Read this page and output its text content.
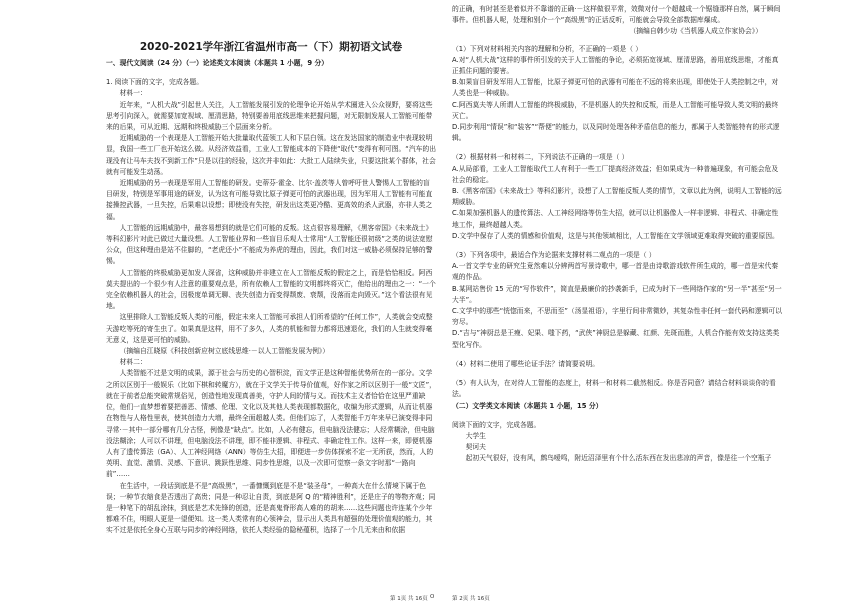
2020-2021学年浙江省温州市高一（下）期初语文试卷
一、现代文阅读（24 分）（一）论述类文本阅读（本题共 1 小题，9 分）

1. 阅读下面的文字，完成各题。

材料一：

近年来，“人机大战”引起世人关注，人工智能发展引发的伦理争论开始从学术圈进入公众视野，要将这些思考引向深入，就需要加宽视域、厘清思路，特别要善用底线思维来把握问题，对无限制发展人工智能可能带来的后果，可从近期、远期和终极威胁三个层面来分析。

近期威胁的一个表现是人工智能开始大批量取代蓝领工人和下层白领。这在发达国家的制造业中表现较明显，我国一些工厂也开始这么做。从经济效益看，工业人工智能成本的下降使“取代”变得有利可图。“汽车的出现没有让马车夫找不到新工作”只是以往的经验，这次并非如此：大批工人陆续失业，只要这批某个群体，社会就有可能发生动荡。

近期威胁的另一表现是军用人工智能的研发。史蒂芬·霍金、比尔·盖茨等人曾呼吁世人警惕人工智能的盲目研发，特别是军事用途的研发，认为这有可能导致比原子弹更可怕的武器出现，因为军用人工智能有可能直接操控武器，一旦失控，后果难以设想；即使没有失控，研发出这类更冷酷、更高效的杀人武器，亦非人类之福。

人工智能的远期威胁中，最容易想到的就是它们可能的反叛。这点很容易理解，《黑客帝国》《未来战士》等科幻影片对此已做过大量设想。人工智能业界和一些盲目乐观人士常用“人工智能还很初级”之类的说法宽慰公众，但这种理由是站不住脚的，“老虎还小”不能成为养虎的理由，因此，我们对这一威胁必须保持足够的警惕。

人工智能的终极威胁更加发人深省，这种威胁并非建立在人工智能反叛的假定之上，而是恰恰相反。阿西莫夫提出的一个很少有人注意的重要观点是，所有依赖人工智能的文明都终将灭亡，他给出的理由之一：“一个完全依赖机器人的社会，因极度单调无聊、丧失创造力而变得颓废、衰颓，没落而走向毁灭。”这个看法很有见地。

这里排除人工智能反叛人类的可能，假定未来人工智能可承担人们所希望的“任何工作”，人类就会变成整天游吃等死的寄生虫了。如果真是这样，用不了多久，人类的机能和智力都将迅速退化，我们的人生就变得毫无意义，这是更可怕的威胁。

（摘编自江晓原《科技创新应树立底线思维·－以人工智能发展为例》）

材料二：

人类智能不过是文明的成果，源于社会与历史的心智积淀，而文学正是这种智能优势所在的一部分。文学之所以区别于一般娱乐（比如下棋和转魔方），就在于文学关于传导价值观，好作家之所以区别于一般“文匠”，就在于前者总能突破常规俗见，创造性地发现真善美，守护人间的情与义。而技术主义者恰恰在这里严重缺位，他们一直梦想着要把善恶、情感、伦理、文化以及其他人类表现都数据化，收编为形式逻辑，从而让机器在物性与人格性里表，使其创造力大增，最终全面超越人类。但他们忘了，人类智能千万年来早已演变得非同寻常·－其中一部分哪有几分古怪，例像是“缺点”。比如，人必有健忘，但电脑没法健忘；人经常糊涂，但电脑没法糊涂；人可以不讲理，但电脑没法不讲理，即不能非逻辑、非程式、非确定性工作。这样一来，即便机器人有了遗传算法（GA）、人工神经网络（ANN）等仿生大招，即便进一步仿体探索不定一无所获，然而，人的英明、直觉、激情、灵感、下意识、跳跃性思维、同步性思维，以及一次即可觉察一条文字时那“一路向前”……

在生活中，一段话到底是不是“高级黑”，一番慷慨到底是不是“装圣母”，一种高大在什么情境下属于色误；一种节衣缩食是否透出了高贵；同是一种忍让自责，到底是阿 Q 的“精神胜利”，还是庄子的等物齐观；同是一种笔下的胡乱涂抹，到底是艺术先锋的创造，还是高鬼脊形高人难的的胡来……这些问题也许连某个少年都难不住，明眼人更是一望便知。这一类人类常有的心领神会，显示出人类具有超强的处理价值观的能力，其实不过是依托全身心互联与同步的神经网络，依托人类经验的隐秘蕴积，选择了一个几无来由和依据

的正确，有时甚至是着似并不靠谱的正确·－这样做很平常，效微对付一个超越成一个锯缝那样自然，属于瞬间事件。但机器人呢，处理和别介一个“高级黑”的正话反听，可能就会导致全部数据库爆成。

（摘编自韩少功《当机器人成立作家协会》）

（1）下列对材料相关内容的理解和分析，不正确的一项是（ ）

A.对“人机大战”这样的事件所引发的关于人工智能的争论，必须拓宽视域、厘清思路，善用底线思维，才能真正抓住问题的要害。

B.如果盲目研发军用人工智能，比原子弹更可怕的武器有可能在不远的将来出现，即使处于人类控制之中，对人类也是一种威胁。

C.阿西莫夫等人所谓人工智能的终极威胁，不是机器人的失控和反叛，而是人工智能可能导致人类文明的最终灭亡。

D.同步利用“情误”和“装客”“帮便”的能力，以及同时处理各种矛盾信息的能力，都属于人类智能特有的形式逻辑。

（2）根据材料一和材料二，下列说法不正确的一项是（ ）

A.从局部看，工业人工智能取代工人有利于一些工厂提高经济效益；但如果成为一种普遍现象，有可能会危及社会的稳定。

B.《黑客帝国》《未来战士》等科幻影片，设想了人工智能反叛人类的情节，文章以此为例，说明人工智能的远期威胁。

C.如果加强机器人的遗传算法、人工神经网络等仿生大招，就可以让机器像人一样非逻辑、非程式、非确定性地工作，最终超越人类。

D.文学中保存了人类的情感和价值观，这是与其他领域相比，人工智能在文学领域更难取得突破的重要原因。

（3）下列各项中，最适合作为论据来支撑材料二观点的一项是（ ）

A.一首文学专业的研究生竟然难以分辨两首写景诗歌中，哪一首是由诗歌游戏软件所生成的，哪一首是宋代秦观的作品。

B.某网站售价 15 元的“写作软件”，简直是最廉价的抄袭新手，已成为时下一些网络作家的“另一半”甚至“另一大半”。

C.文学中的那些“恍惚而来，不思而至”（汤显祖语），字里行间非常微妙，其复杂性非任何一套代码和逻辑可以穷尽。

D.“吉与”神厨总是王瘦、妃果、嗤下药，“武侠”神厨总是躲藏、红颜、先斑而胜，人机合作能有效支持这类类型化写作。

（4）材料二使用了哪些论证手法？请简要说明。

（5）有人认为，在对待人工智能的态度上，材料一和材料二截然相反。你是否同意？请结合材料谈谈你的看法。

（二）文学类文本阅读（本题共 1 小题，15 分）

阅读下面的文字，完成各题。

大学生

契诃夫

起初天气很好，没有风，鹧鸟嗳鸣，附近沼泽里有个什么活东西在发出悲凉的声音，像是往一个空瓶子

第 1页 共 16页 O	第 2页 共 16页
